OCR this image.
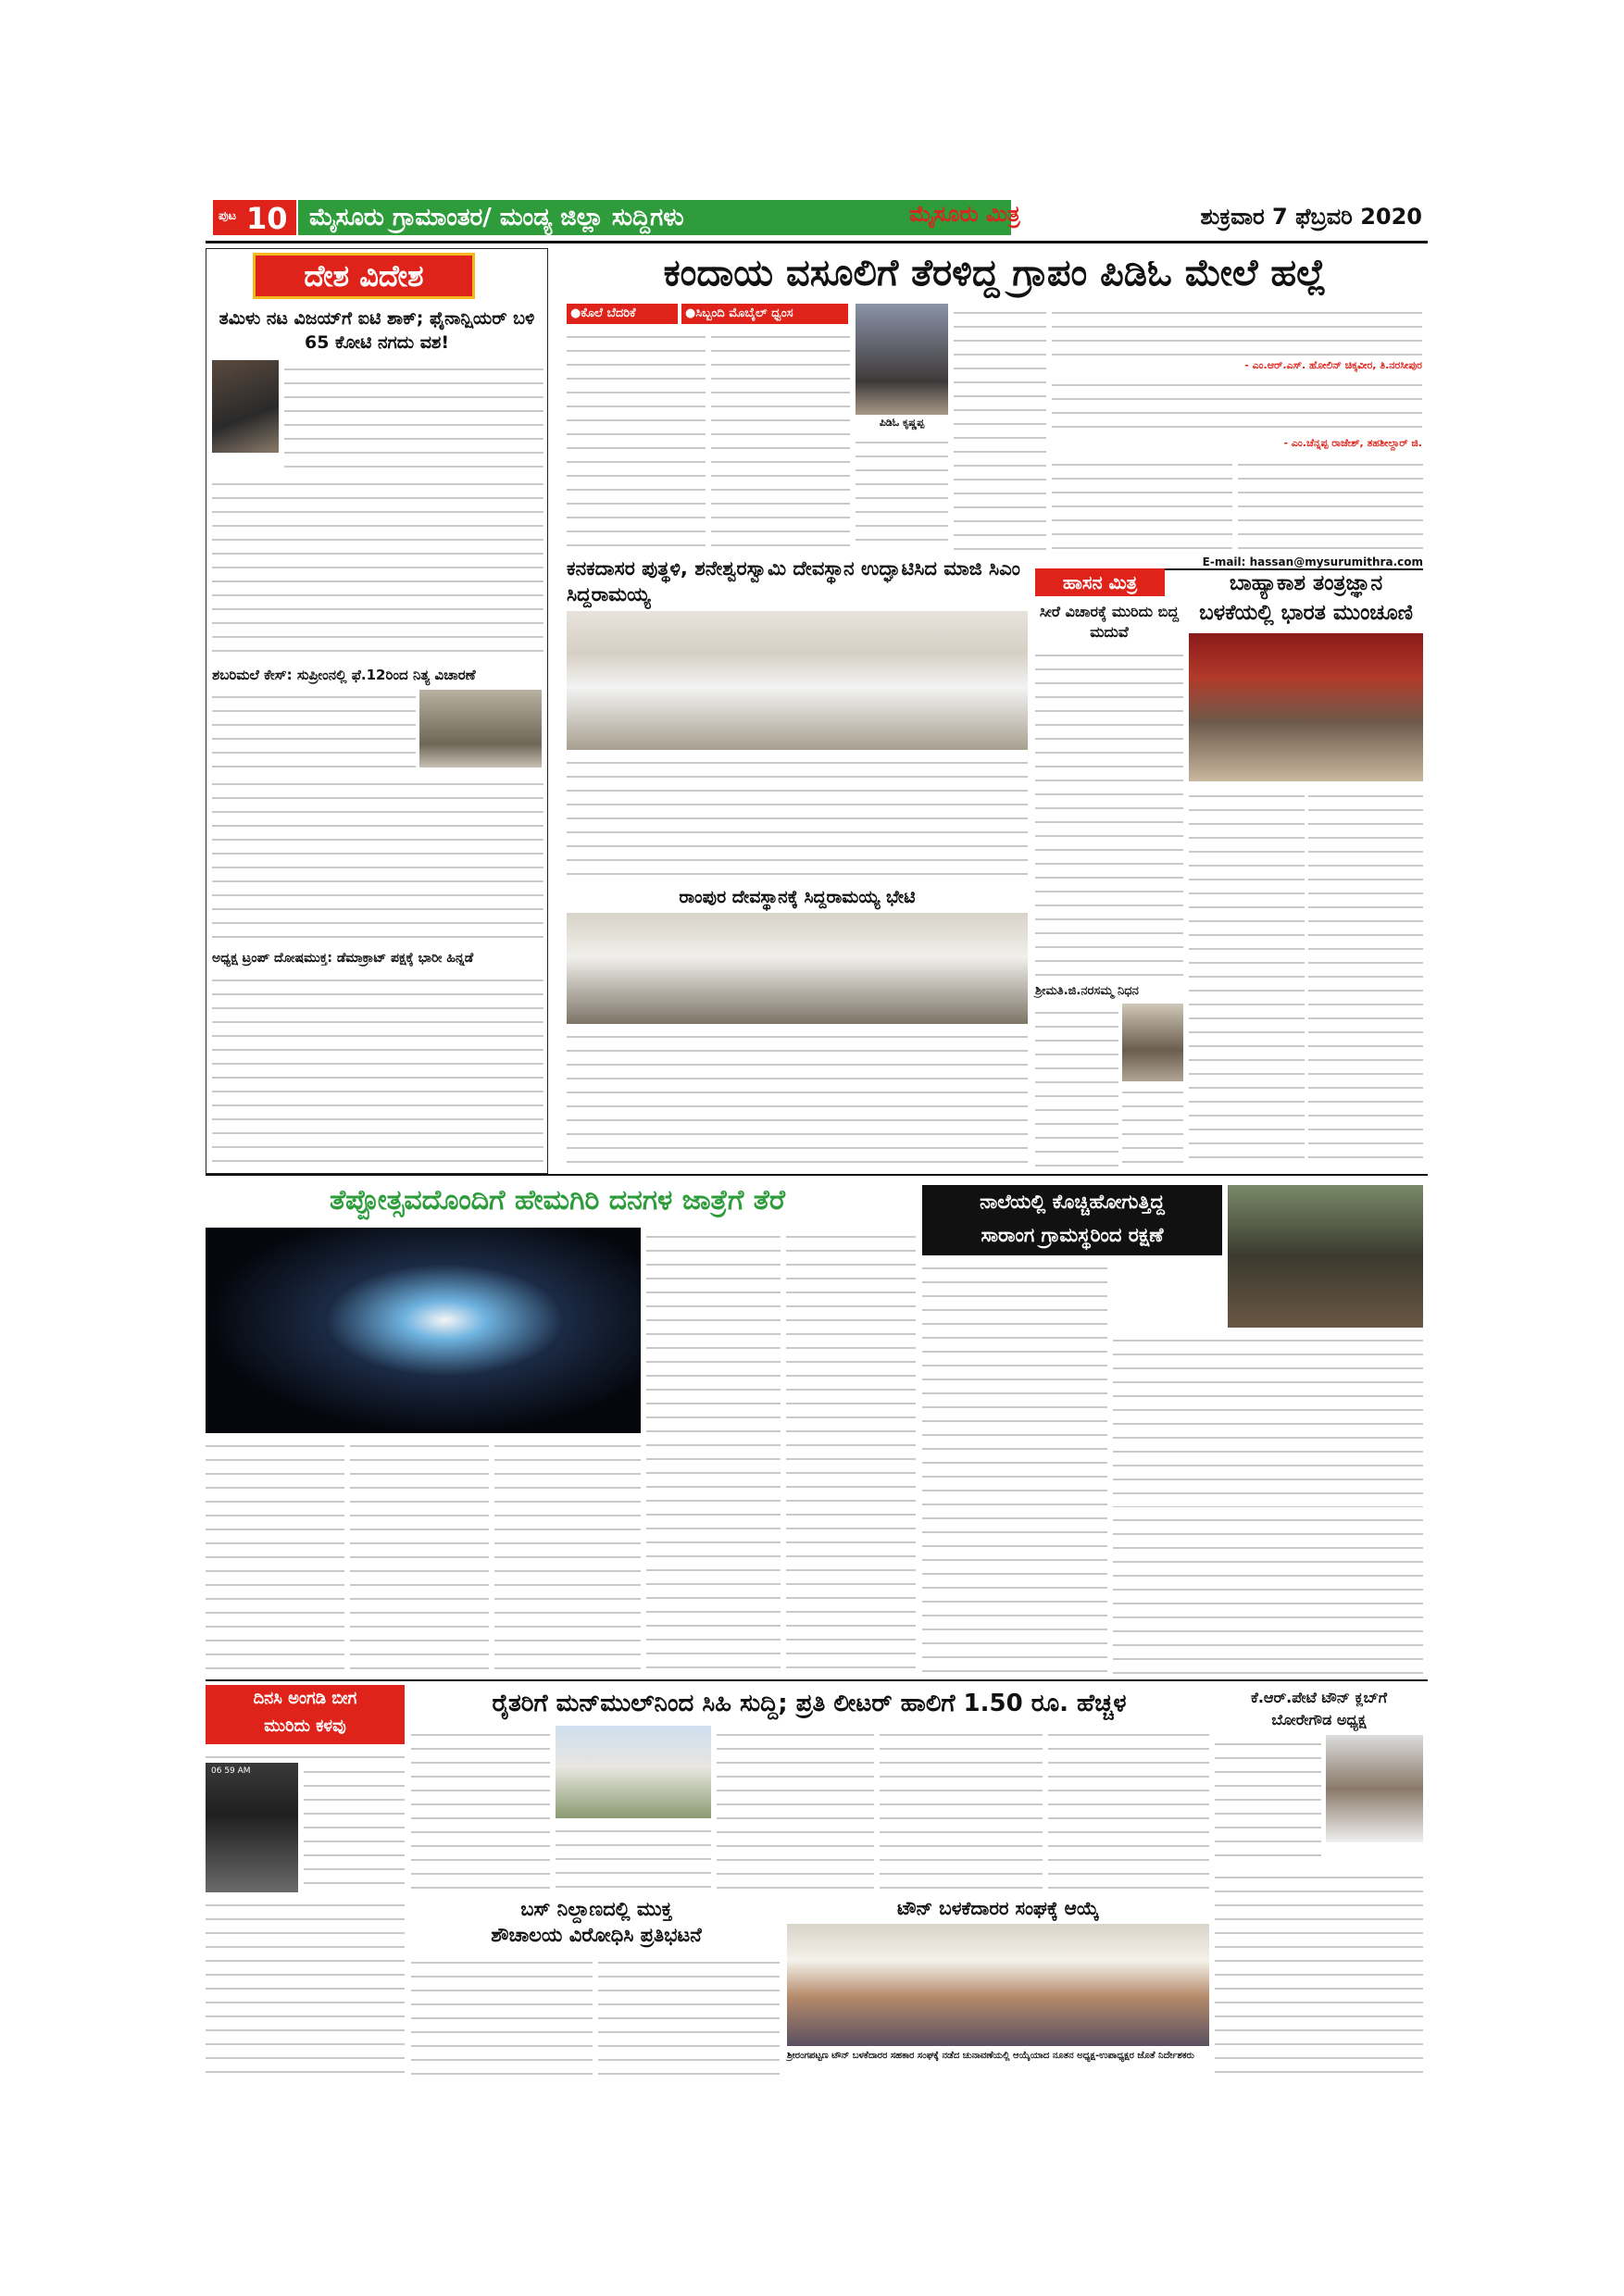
ಪುಟ 10 ಮೈಸೂರು ಗ್ರಾಮಾಂತರ/ ಮಂಡ್ಯ ಜಿಲ್ಲಾ ಸುದ್ದಿಗಳು	ಮೈಸೂರು ಮಿತ್ರ	ಶುಕ್ರವಾರ 7 ಫೆಬ್ರವರಿ 2020
ದೇಶ ವಿದೇಶ
ತಮಿಳು ನಟ ವಿಜಯ್‌ಗೆ ಐಟಿ ಶಾಕ್; ಫೈನಾನ್ಷಿಯರ್ ಬಳಿ 65 ಕೋಟಿ ನಗದು ವಶ!
ಶಬರಿಮಲೆ ಕೇಸ್: ಸುಪ್ರೀಂನಲ್ಲಿ ಫೆ.12ರಿಂದ ನಿತ್ಯ ವಿಚಾರಣೆ
ಅಧ್ಯಕ್ಷ ಟ್ರಂಪ್ ದೋಷಮುಕ್ತ: ಡೆಮಾಕ್ರಾಟ್ ಪಕ್ಷಕ್ಕೆ ಭಾರೀ ಹಿನ್ನಡೆ
ಕಂದಾಯ ವಸೂಲಿಗೆ ತೆರಳಿದ್ದ ಗ್ರಾಪಂ ಪಿಡಿಓ ಮೇಲೆ ಹಲ್ಲೆ
●ಕೊಲೆ ಬೆದರಿಕೆ	●ಸಿಬ್ಬಂದಿ ಮೊಬೈಲ್ ಧ್ವಂಸ
ಪಿಡಿಓ ಕೃಷ್ಣಪ್ಪ
- ಎಂ.ಆರ್.ಎಸ್. ಹೋಲಿನ್ ಚಿಕ್ಕವೀರ, ತಿ.ನರಸೀಪುರ
- ಎಂ.ಚೆನ್ನಪ್ಪ ರಾಜೇಶ್, ತಹಶೀಲ್ದಾರ್ ಜಿ.
E-mail: hassan@mysurumithra.com
ಕನಕದಾಸರ ಪುತ್ಥಳಿ, ಶನೇಶ್ವರಸ್ವಾಮಿ ದೇವಸ್ಥಾನ ಉದ್ಘಾಟಿಸಿದ ಮಾಜಿ ಸಿಎಂ ಸಿದ್ದರಾಮಯ್ಯ
ರಾಂಪುರ ದೇವಸ್ಥಾನಕ್ಕೆ ಸಿದ್ದರಾಮಯ್ಯ ಭೇಟಿ
ಹಾಸನ ಮಿತ್ರ
ಸೀರೆ ವಿಚಾರಕ್ಕೆ ಮುರಿದು ಬಿದ್ದ ಮದುವೆ
ಶ್ರೀಮತಿ.ಜಿ.ನರಸಮ್ಮ ನಿಧನ
ಬಾಹ್ಯಾಕಾಶ ತಂತ್ರಜ್ಞಾನ
ಬಳಕೆಯಲ್ಲಿ ಭಾರತ ಮುಂಚೂಣಿ
ತೆಪ್ಪೋತ್ಸವದೊಂದಿಗೆ ಹೇಮಗಿರಿ ದನಗಳ ಜಾತ್ರೆಗೆ ತೆರೆ	ನಾಲೆಯಲ್ಲಿ ಕೊಚ್ಚಿಹೋಗುತ್ತಿದ್ದ
ಸಾರಾಂಗ ಗ್ರಾಮಸ್ಥರಿಂದ ರಕ್ಷಣೆ
ದಿನಸಿ ಅಂಗಡಿ ಬೀಗ
ಮುರಿದು ಕಳವು
06 59 AM
ರೈತರಿಗೆ ಮನ್‌ಮುಲ್‌ನಿಂದ ಸಿಹಿ ಸುದ್ದಿ; ಪ್ರತಿ ಲೀಟರ್ ಹಾಲಿಗೆ 1.50 ರೂ. ಹೆಚ್ಚಳ
ಬಸ್ ನಿಲ್ದಾಣದಲ್ಲಿ ಮುಕ್ತ
ಶೌಚಾಲಯ ವಿರೋಧಿಸಿ ಪ್ರತಿಭಟನೆ
ಟೌನ್ ಬಳಕೆದಾರರ ಸಂಘಕ್ಕೆ ಆಯ್ಕೆ
ಶ್ರೀರಂಗಪಟ್ಟಣ ಟೌನ್ ಬಳಕೆದಾರರ ಸಹಕಾರ ಸಂಘಕ್ಕೆ ನಡೆದ ಚುನಾವಣೆಯಲ್ಲಿ ಆಯ್ಕೆಯಾದ ನೂತನ ಅಧ್ಯಕ್ಷ-ಉಪಾಧ್ಯಕ್ಷರ ಜೊತೆ ನಿರ್ದೇಶಕರು
ಕೆ.ಆರ್.ಪೇಟೆ ಟೌನ್ ಕ್ಲಬ್‌ಗೆ
ಬೋರೇಗೌಡ ಅಧ್ಯಕ್ಷ
